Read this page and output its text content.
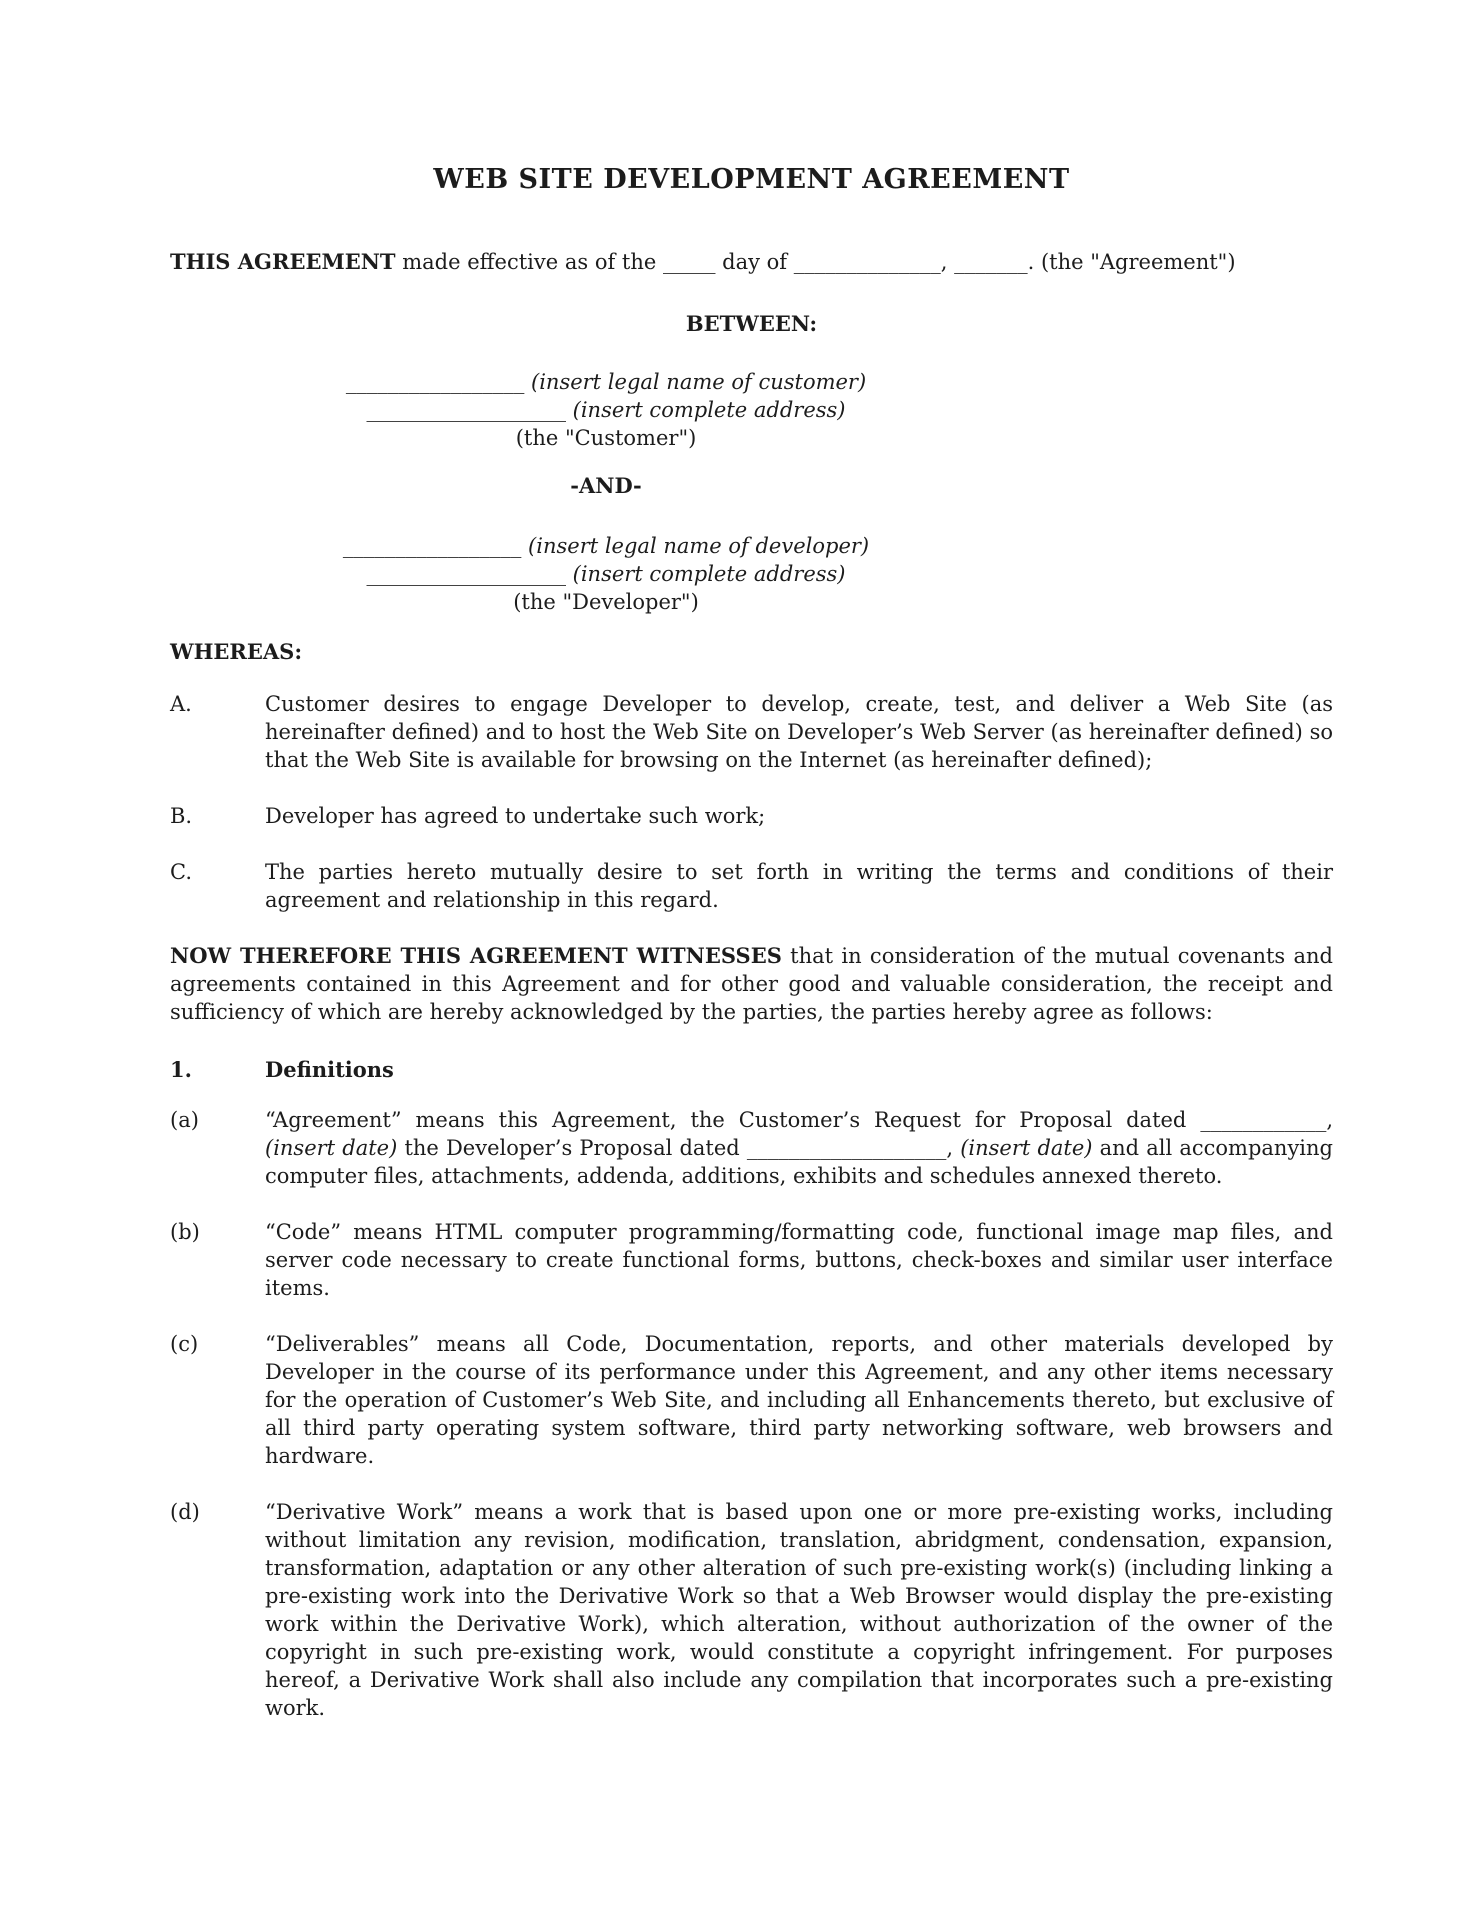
WEB SITE DEVELOPMENT AGREEMENT

THIS AGREEMENT made effective as of the _____ day of ______________, _______. (the "Agreement")

BETWEEN:

_________________ (insert legal name of customer)
___________________ (insert complete address)
(the "Customer")
-AND-
_________________ (insert legal name of developer)
___________________ (insert complete address)
(the "Developer")

WHEREAS:

A.	Customer desires to engage Developer to develop, create, test, and deliver a Web Site (as hereinafter defined) and to host the Web Site on Developer’s Web Server (as hereinafter defined) so that the Web Site is available for browsing on the Internet (as hereinafter defined);
B.	Developer has agreed to undertake such work;
C.	The parties hereto mutually desire to set forth in writing the terms and conditions of their agreement and relationship in this regard.

NOW THEREFORE THIS AGREEMENT WITNESSES that in consideration of the mutual covenants and agreements contained in this Agreement and for other good and valuable consideration, the receipt and sufficiency of which are hereby acknowledged by the parties, the parties hereby agree as follows:

1.	Definitions
(a)	“Agreement” means this Agreement, the Customer’s Request for Proposal dated ____________, (insert date) the Developer’s Proposal dated ___________________, (insert date) and all accompanying computer files, attachments, addenda, additions, exhibits and schedules annexed thereto.
(b)	“Code” means HTML computer programming/formatting code, functional image map files, and server code necessary to create functional forms, buttons, check-boxes and similar user interface items.
(c)	“Deliverables” means all Code, Documentation, reports, and other materials developed by Developer in the course of its performance under this Agreement, and any other items necessary for the operation of Customer’s Web Site, and including all Enhancements thereto, but exclusive of all third party operating system software, third party networking software, web browsers and hardware.
(d)	“Derivative Work” means a work that is based upon one or more pre-existing works, including without limitation any revision, modification, translation, abridgment, condensation, expansion, transformation, adaptation or any other alteration of such pre-existing work(s) (including linking a pre-existing work into the Derivative Work so that a Web Browser would display the pre-existing work within the Derivative Work), which alteration, without authorization of the owner of the copyright in such pre-existing work, would constitute a copyright infringement. For purposes hereof, a Derivative Work shall also include any compilation that incorporates such a pre-existing work.
